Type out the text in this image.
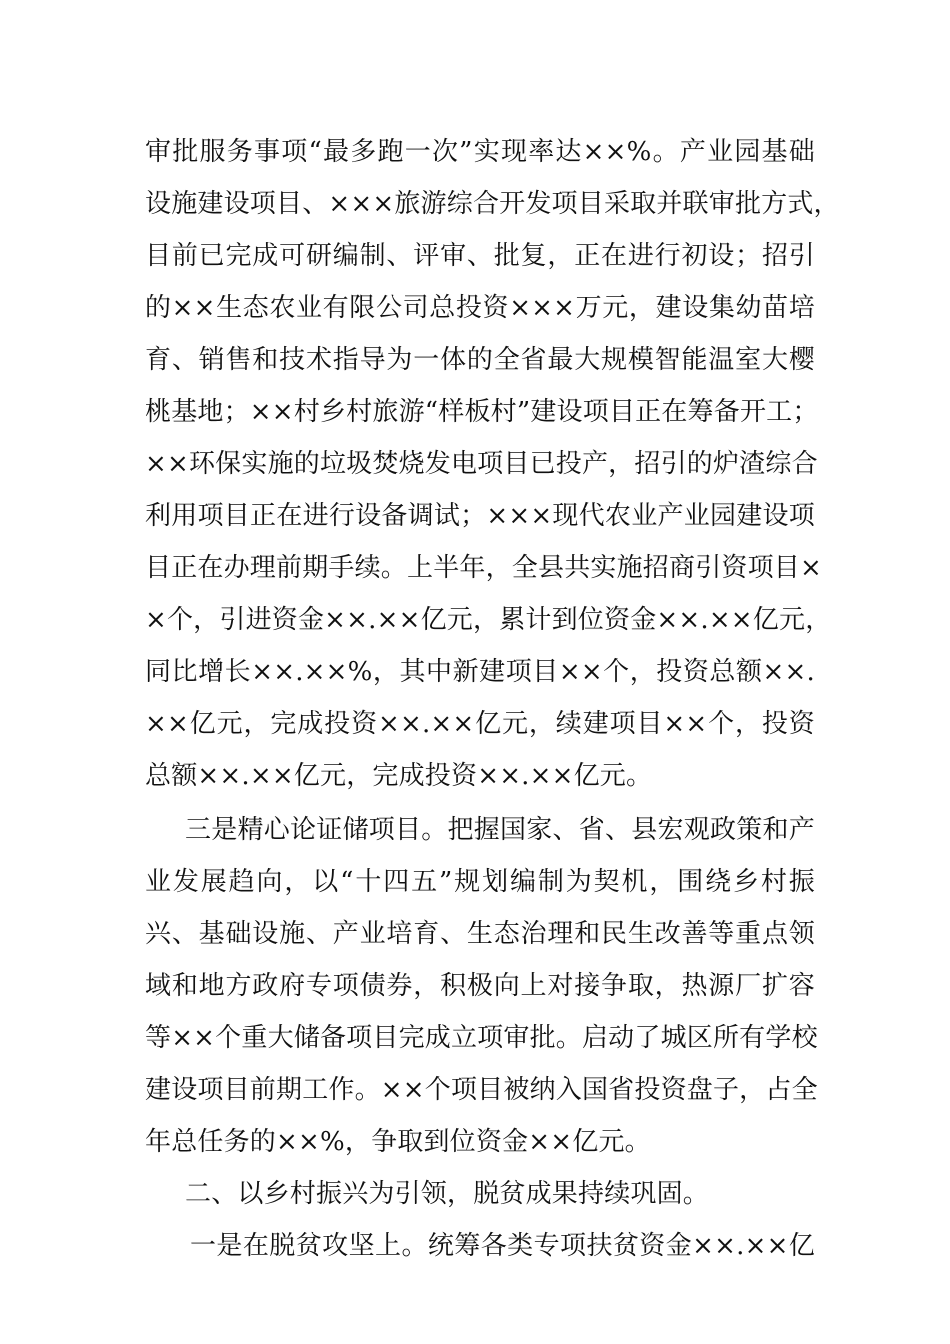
审批服务事项“最多跑一次”实现率达××%。产业园基础
设施建设项目、×××旅游综合开发项目采取并联审批方式，
目前已完成可研编制、评审、批复，正在进行初设；招引
的××生态农业有限公司总投资×××万元，建设集幼苗培
育、销售和技术指导为一体的全省最大规模智能温室大樱
桃基地；××村乡村旅游“样板村”建设项目正在筹备开工；
××环保实施的垃圾焚烧发电项目已投产，招引的炉渣综合
利用项目正在进行设备调试；×××现代农业产业园建设项
目正在办理前期手续。上半年，全县共实施招商引资项目×
×个，引进资金××.××亿元，累计到位资金××.××亿元，
同比增长××.××%，其中新建项目××个，投资总额××.
××亿元，完成投资××.××亿元，续建项目××个，投资
总额××.××亿元，完成投资××.××亿元。
三是精心论证储项目。把握国家、省、县宏观政策和产
业发展趋向，以“十四五”规划编制为契机，围绕乡村振
兴、基础设施、产业培育、生态治理和民生改善等重点领
域和地方政府专项债券，积极向上对接争取，热源厂扩容
等××个重大储备项目完成立项审批。启动了城区所有学校
建设项目前期工作。××个项目被纳入国省投资盘子，占全
年总任务的××%，争取到位资金××亿元。
二、以乡村振兴为引领，脱贫成果持续巩固。
一是在脱贫攻坚上。统筹各类专项扶贫资金××.××亿
